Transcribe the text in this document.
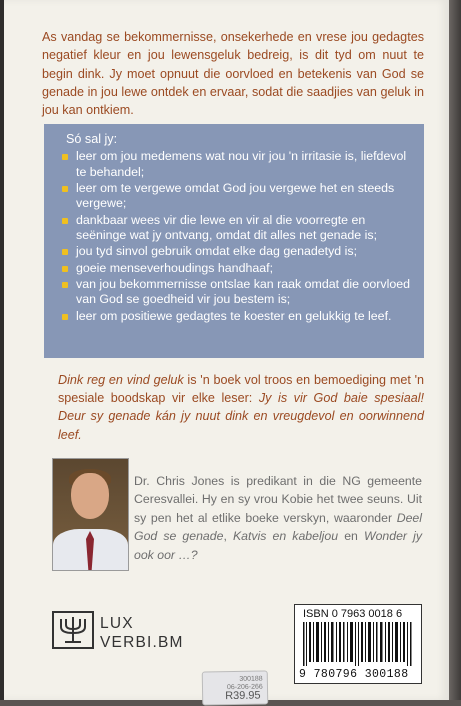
As vandag se bekommernisse, onsekerhede en vrese jou gedagtes negatief kleur en jou lewensgeluk bedreig, is dit tyd om nuut te begin dink. Jy moet opnuut die oorvloed en betekenis van God se genade in jou lewe ontdek en ervaar, sodat die saadjies van geluk in jou kan ontkiem.
Só sal jy:
leer om jou medemens wat nou vir jou 'n irritasie is, liefdevol te behandel;
leer om te vergewe omdat God jou vergewe het en steeds vergewe;
dankbaar wees vir die lewe en vir al die voorregte en seëninge wat jy ontvang, omdat dit alles net genade is;
jou tyd sinvol gebruik omdat elke dag genadetyd is;
goeie menseverhoudings handhaaf;
van jou bekommernisse ontslae kan raak omdat die oorvloed van God se goedheid vir jou bestem is;
leer om positiewe gedagtes te koester en gelukkig te leef.
Dink reg en vind geluk is 'n boek vol troos en bemoediging met 'n spesiale boodskap vir elke leser: Jy is vir God baie spesiaal! Deur sy genade kán jy nuut dink en vreugdevol en oorwinnend leef.
Dr. Chris Jones is predikant in die NG gemeente Ceresvallei. Hy en sy vrou Kobie het twee seuns. Uit sy pen het al etlike boeke verskyn, waaronder Deel God se genade, Katvis en kabeljou en Wonder jy ook oor …?
LUX
VERBI.BM
ISBN 0 7963 0018 6
9 780796 300188
300188
06-206-266
R39.95
